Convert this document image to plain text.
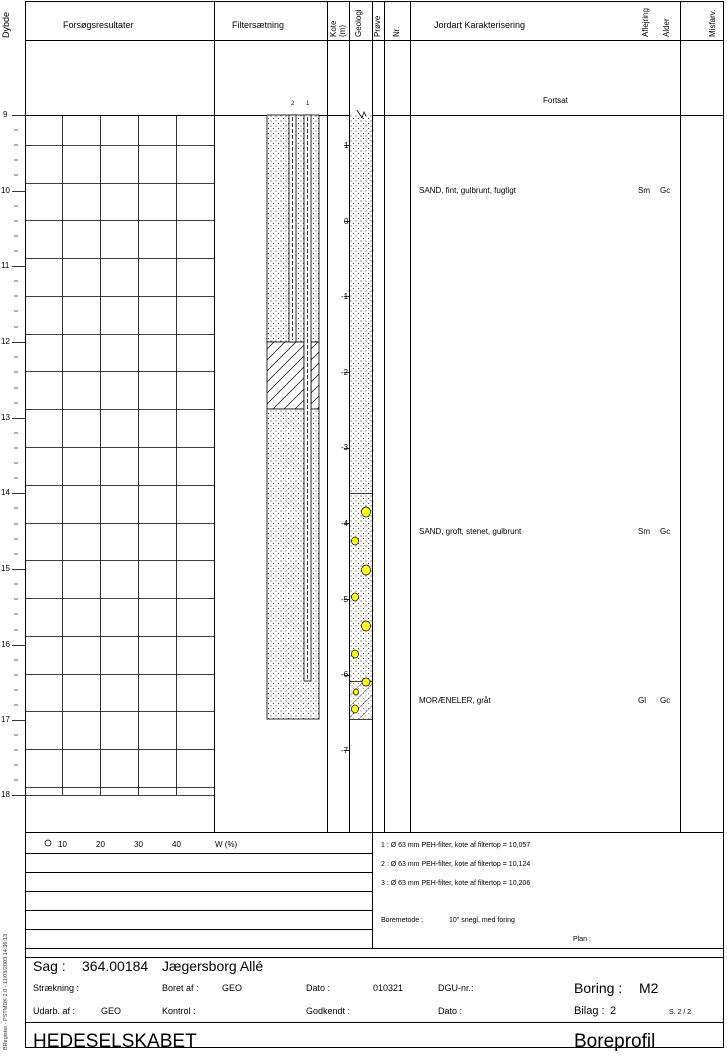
Dybde	Forsøgsresultater	Filtersætning	Kote (m) Geologi Prøve Nr.
Jordart Karakterisering	Aflejring Alder	Misfarv.
Fortsat
2 1
9
10
11
12
13
14
15
16
17
18
1
0
-1
-2
-3
-4
-5
-6
-7
SAND, fint, gulbrunt, fugtigt	Sm Gc
SAND, groft, stenet, gulbrunt	Sm Gc
MORÆNELER, gråt	Gl Gc
10	20	30	40	W (%)	1 : Ø 63 mm PEH-filter, kote af filtertop = 10,057
2 : Ø 63 mm PEH-filter, kote af filtertop = 10,124
3 : Ø 63 mm PEH-filter, kote af filtertop = 10,206
Boremetode :	10" snegl, med foring
Plan :
BRegister - PSTMDK 2.0 - 11/03/2003 14:36:13 Sag : 364.00184 Jægersborg Allé
Strækning :	Boret af :	GEO	Dato :	010321	DGU-nr.:	Boring : M2
Udarb. af :	GEO	Kontrol :	Godkendt :	Dato :	Bilag : 2	S. 2 / 2
HEDESELSKABET	Boreprofil
